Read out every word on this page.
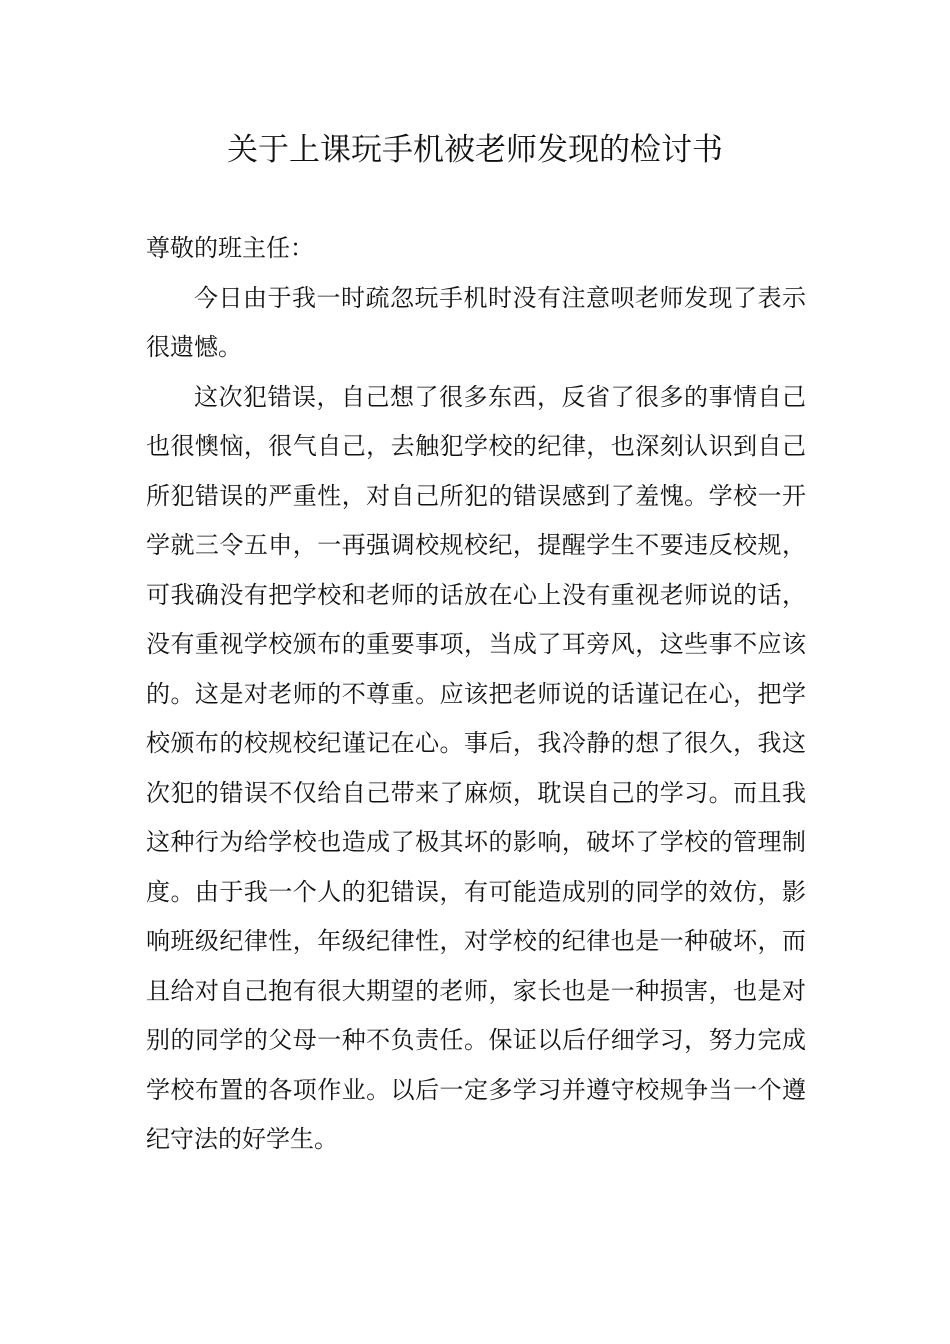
关于上课玩手机被老师发现的检讨书

尊敬的班主任：

今日由于我一时疏忽玩手机时没有注意呗老师发现了表示很遗憾。

这次犯错误，自己想了很多东西，反省了很多的事情自己也很懊恼，很气自己，去触犯学校的纪律，也深刻认识到自己所犯错误的严重性，对自己所犯的错误感到了羞愧。学校一开学就三令五申，一再强调校规校纪，提醒学生不要违反校规，可我确没有把学校和老师的话放在心上没有重视老师说的话，没有重视学校颁布的重要事项，当成了耳旁风，这些事不应该的。这是对老师的不尊重。应该把老师说的话谨记在心，把学校颁布的校规校纪谨记在心。事后，我冷静的想了很久，我这次犯的错误不仅给自己带来了麻烦，耽误自己的学习。而且我这种行为给学校也造成了极其坏的影响，破坏了学校的管理制度。由于我一个人的犯错误，有可能造成别的同学的效仿，影响班级纪律性，年级纪律性，对学校的纪律也是一种破坏，而且给对自己抱有很大期望的老师，家长也是一种损害，也是对别的同学的父母一种不负责任。保证以后仔细学习，努力完成学校布置的各项作业。以后一定多学习并遵守校规争当一个遵纪守法的好学生。
